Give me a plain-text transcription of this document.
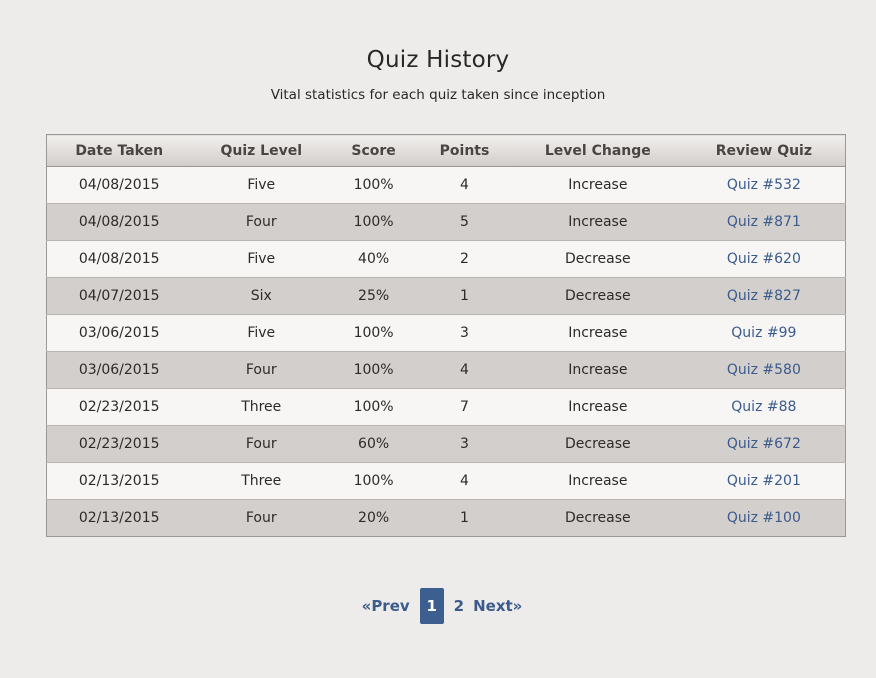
Quiz History

Vital statistics for each quiz taken since inception

Date Taken	Quiz Level	Score	Points	Level Change	Review Quiz
04/08/2015	Five	100%	4	Increase	Quiz #532
04/08/2015	Four	100%	5	Increase	Quiz #871
04/08/2015	Five	40%	2	Decrease	Quiz #620
04/07/2015	Six	25%	1	Decrease	Quiz #827
03/06/2015	Five	100%	3	Increase	Quiz #99
03/06/2015	Four	100%	4	Increase	Quiz #580
02/23/2015	Three	100%	7	Increase	Quiz #88
02/23/2015	Four	60%	3	Decrease	Quiz #672
02/13/2015	Three	100%	4	Increase	Quiz #201
02/13/2015	Four	20%	1	Decrease	Quiz #100
«Prev	1	2 Next»
